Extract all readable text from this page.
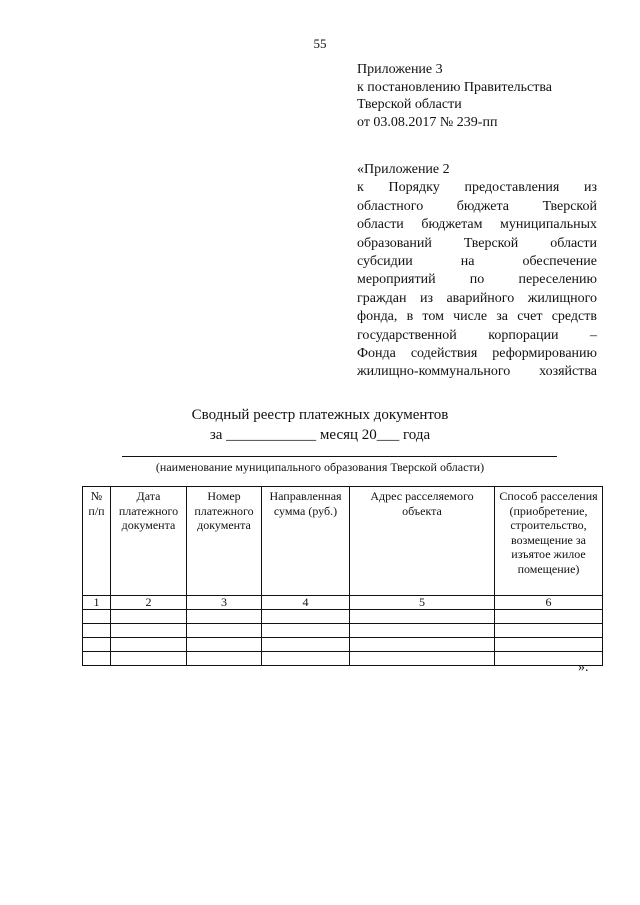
55
Приложение 3
к постановлению Правительства
Тверской области
от 03.08.2017 № 239-пп
«Приложение 2
к Порядку предоставления из
областного бюджета Тверской
области бюджетам муниципальных
образований Тверской области
субсидии на обеспечение
мероприятий по переселению
граждан из аварийного жилищного
фонда, в том числе за счет средств
государственной корпорации –
Фонда содействия реформированию
жилищно-коммунального хозяйства
Сводный реестр платежных документов
за ____________ месяц 20___ года
(наименование муниципального образования Тверской области)
№ п/п	Дата платежного документа	Номер платежного документа	Направленная сумма (руб.)	Адрес расселяемого объекта	Способ расселения (приобретение, строительство, возмещение за изъятое жилое помещение)
1	2	3	4	5	6

».
